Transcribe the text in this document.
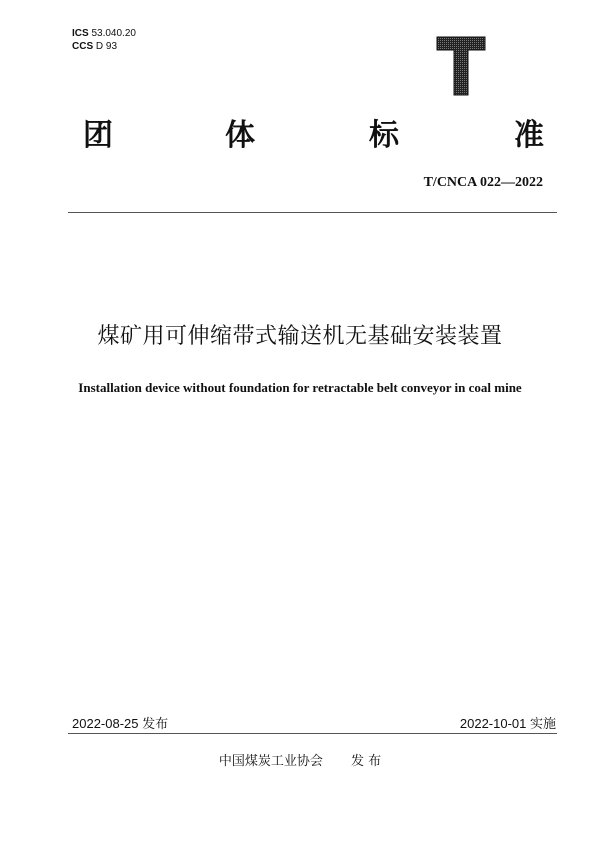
ICS 53.040.20
CCS D 93
团	体	标	准
T/CNCA 022—2022
煤矿用可伸缩带式输送机无基础安装装置
Installation device without foundation for retractable belt conveyor in coal mine
2022-08-25 发布	2022-10-01 实施
中国煤炭工业协会 发 布
